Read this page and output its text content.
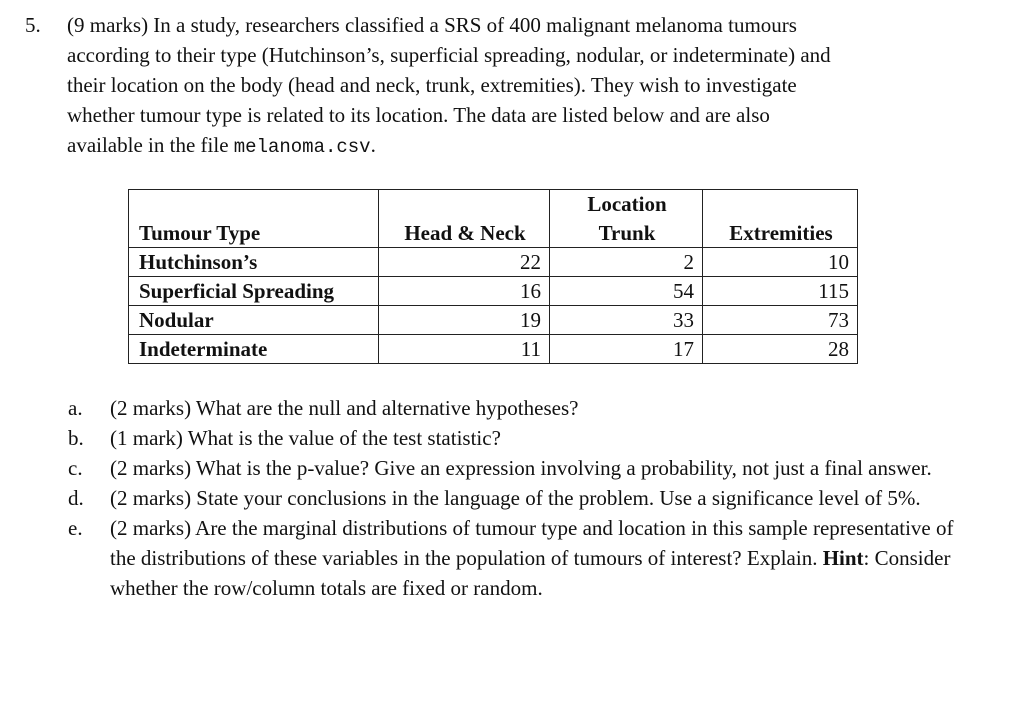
5. (9 marks) In a study, researchers classified a SRS of 400 malignant melanoma tumours
according to their type (Hutchinson’s, superficial spreading, nodular, or indeterminate) and
their location on the body (head and neck, trunk, extremities). They wish to investigate
whether tumour type is related to its location. The data are listed below and are also
available in the file melanoma.csv.
		Location	
Tumour Type	Head & Neck	Trunk	Extremities
Hutchinson’s	22	2	10
Superficial Spreading	16	54	115
Nodular	19	33	73
Indeterminate	11	17	28
a.	(2 marks) What are the null and alternative hypotheses?
b.	(1 mark) What is the value of the test statistic?
c.	(2 marks) What is the p-value? Give an expression involving a probability, not just a final answer.
d.	(2 marks) State your conclusions in the language of the problem. Use a significance level of 5%.
e.	(2 marks) Are the marginal distributions of tumour type and location in this sample representative of the distributions of these variables in the population of tumours of interest? Explain. Hint: Consider whether the row/column totals are fixed or random.
